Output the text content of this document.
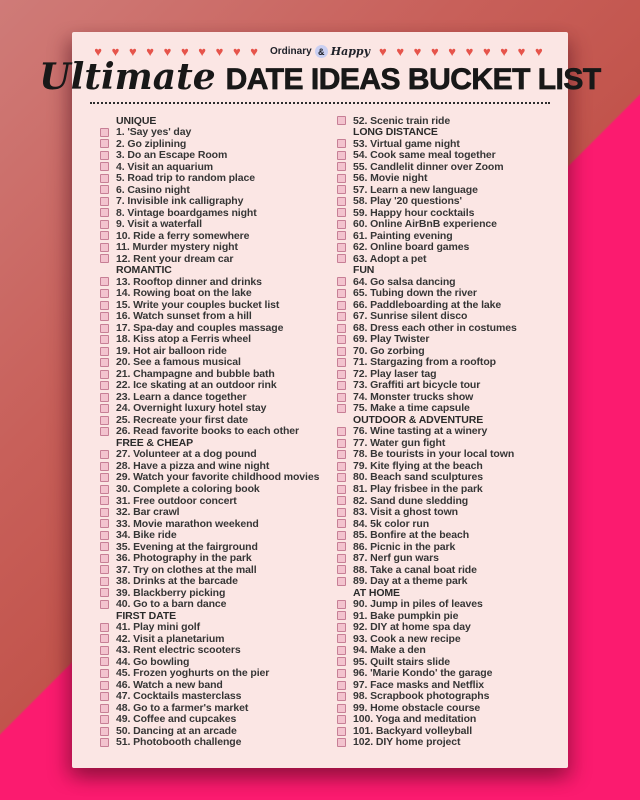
♥ ♥ ♥ ♥ ♥ ♥ ♥ ♥ ♥ ♥ Ordinary & Happy ♥ ♥ ♥ ♥ ♥ ♥ ♥ ♥ ♥ ♥
Ultimate DATE IDEAS BUCKET LIST
UNIQUE
1. 'Say yes' day
2. Go ziplining
3. Do an Escape Room
4. Visit an aquarium
5. Road trip to random place
6. Casino night
7. Invisible ink calligraphy
8. Vintage boardgames night
9. Visit a waterfall
10. Ride a ferry somewhere
11. Murder mystery night
12. Rent your dream car
ROMANTIC
13. Rooftop dinner and drinks
14. Rowing boat on the lake
15. Write your couples bucket list
16. Watch sunset from a hill
17. Spa-day and couples massage
18. Kiss atop a Ferris wheel
19. Hot air balloon ride
20. See a famous musical
21. Champagne and bubble bath
22. Ice skating at an outdoor rink
23. Learn a dance together
24. Overnight luxury hotel stay
25. Recreate your first date
26. Read favorite books to each other
FREE & CHEAP
27. Volunteer at a dog pound
28. Have a pizza and wine night
29. Watch your favorite childhood movies
30. Complete a coloring book
31. Free outdoor concert
32. Bar crawl
33. Movie marathon weekend
34. Bike ride
35. Evening at the fairground
36. Photography in the park
37. Try on clothes at the mall
38. Drinks at the barcade
39. Blackberry picking
40. Go to a barn dance
FIRST DATE
41. Play mini golf
42. Visit a planetarium
43. Rent electric scooters
44. Go bowling
45. Frozen yoghurts on the pier
46. Watch a new band
47. Cocktails masterclass
48. Go to a farmer's market
49. Coffee and cupcakes
50. Dancing at an arcade
51. Photobooth challenge
52. Scenic train ride
LONG DISTANCE
53. Virtual game night
54. Cook same meal together
55. Candlelit dinner over Zoom
56. Movie night
57. Learn a new language
58. Play '20 questions'
59. Happy hour cocktails
60. Online AirBnB experience
61. Painting evening
62. Online board games
63. Adopt a pet
FUN
64. Go salsa dancing
65. Tubing down the river
66. Paddleboarding at the lake
67. Sunrise silent disco
68. Dress each other in costumes
69. Play Twister
70. Go zorbing
71. Stargazing from a rooftop
72. Play laser tag
73. Graffiti art bicycle tour
74. Monster trucks show
75. Make a time capsule
OUTDOOR & ADVENTURE
76. Wine tasting at a winery
77. Water gun fight
78. Be tourists in your local town
79. Kite flying at the beach
80. Beach sand sculptures
81. Play frisbee in the park
82. Sand dune sledding
83. Visit a ghost town
84. 5k color run
85. Bonfire at the beach
86. Picnic in the park
87. Nerf gun wars
88. Take a canal boat ride
89. Day at a theme park
AT HOME
90. Jump in piles of leaves
91. Bake pumpkin pie
92. DIY at home spa day
93. Cook a new recipe
94. Make a den
95. Quilt stairs slide
96. 'Marie Kondo' the garage
97. Face masks and Netflix
98. Scrapbook photographs
99. Home obstacle course
100. Yoga and meditation
101. Backyard volleyball
102. DIY home project
